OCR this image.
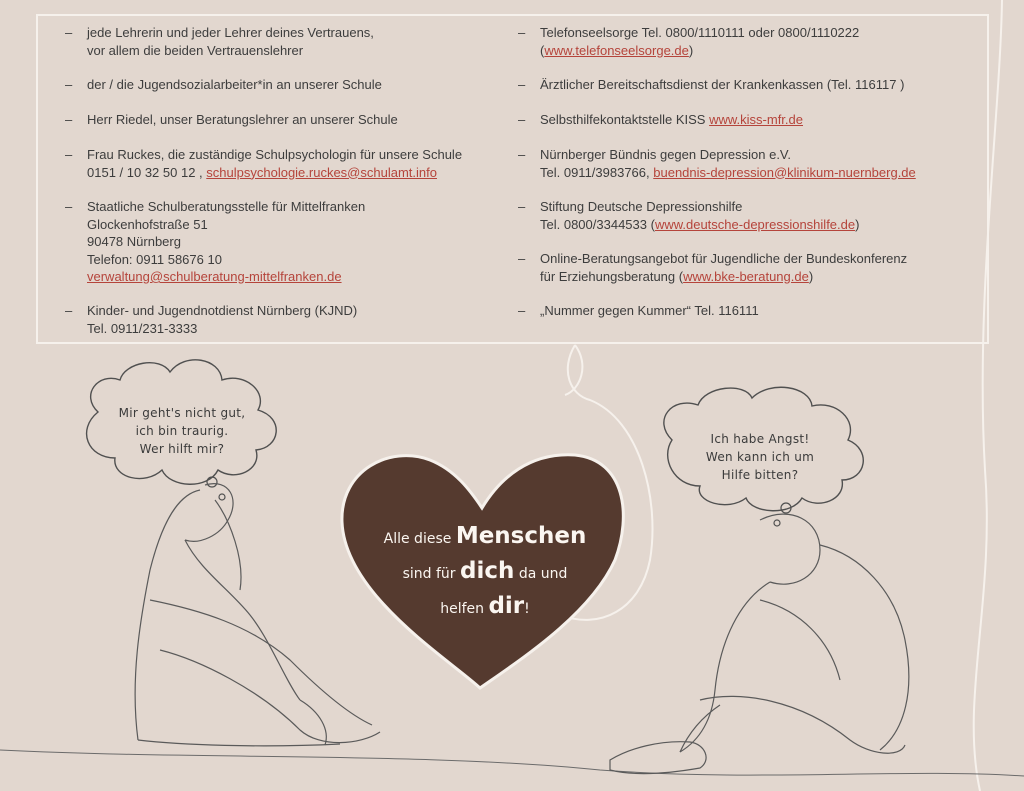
–	jede Lehrerin und jeder Lehrer deines Vertrauens,
vor allem die beiden Vertrauenslehrer
–	der / die Jugendsozialarbeiter*in an unserer Schule
–	Herr Riedel, unser Beratungslehrer an unserer Schule
–	Frau Ruckes, die zuständige Schulpsychologin für unsere Schule
0151 / 10 32 50 12 , schulpsychologie.ruckes@schulamt.info
–	Staatliche Schulberatungsstelle für Mittelfranken
Glockenhofstraße 51
90478 Nürnberg
Telefon: 0911 58676 10
verwaltung@schulberatung-mittelfranken.de
–	Kinder- und Jugendnotdienst Nürnberg (KJND)
Tel. 0911/231-3333
–	Telefonseelsorge Tel. 0800/1110111 oder 0800/1110222
(www.telefonseelsorge.de)
–	Ärztlicher Bereitschaftsdienst der Krankenkassen (Tel. 116117 )
–	Selbsthilfekontaktstelle KISS www.kiss-mfr.de
–	Nürnberger Bündnis gegen Depression e.V.
Tel. 0911/3983766, buendnis-depression@klinikum-nuernberg.de
–	Stiftung Deutsche Depressionshilfe
Tel. 0800/3344533 (www.deutsche-depressionshilfe.de)
–	Online-Beratungsangebot für Jugendliche der Bundeskonferenz
für Erziehungsberatung (www.bke-beratung.de)
–	„Nummer gegen Kummer“ Tel. 116111
Mir geht's nicht gut,
ich bin traurig.
Wer hilft mir?
Ich habe Angst!
Wen kann ich um
Hilfe bitten?
Alle diese Menschen
sind für dich da und
helfen dir!
